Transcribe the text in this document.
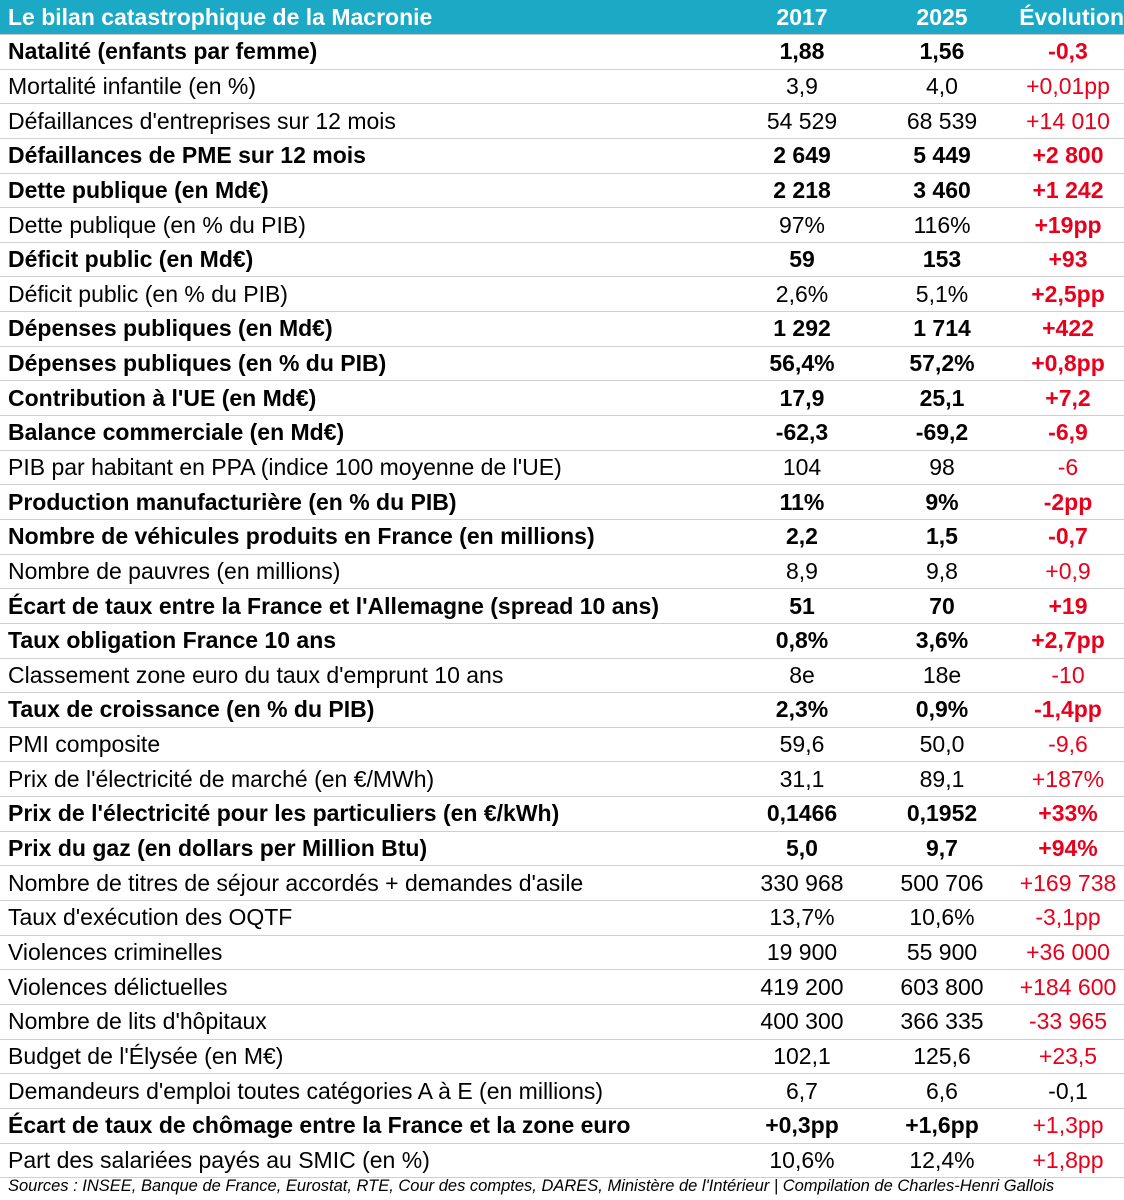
Le bilan catastrophique de la Macronie	2017	2025	Évolution
Natalité (enfants par femme)	1,88	1,56	-0,3
Mortalité infantile (en %)	3,9	4,0	+0,01pp
Défaillances d'entreprises sur 12 mois	54 529	68 539	+14 010
Défaillances de PME sur 12 mois	2 649	5 449	+2 800
Dette publique (en Md€)	2 218	3 460	+1 242
Dette publique (en % du PIB)	97%	116%	+19pp
Déficit public (en Md€)	59	153	+93
Déficit public (en % du PIB)	2,6%	5,1%	+2,5pp
Dépenses publiques (en Md€)	1 292	1 714	+422
Dépenses publiques (en % du PIB)	56,4%	57,2%	+0,8pp
Contribution à l'UE (en Md€)	17,9	25,1	+7,2
Balance commerciale (en Md€)	-62,3	-69,2	-6,9
PIB par habitant en PPA (indice 100 moyenne de l'UE)	104	98	-6
Production manufacturière (en % du PIB)	11%	9%	-2pp
Nombre de véhicules produits en France (en millions)	2,2	1,5	-0,7
Nombre de pauvres (en millions)	8,9	9,8	+0,9
Écart de taux entre la France et l'Allemagne (spread 10 ans)	51	70	+19
Taux obligation France 10 ans	0,8%	3,6%	+2,7pp
Classement zone euro du taux d'emprunt 10 ans	8e	18e	-10
Taux de croissance (en % du PIB)	2,3%	0,9%	-1,4pp
PMI composite	59,6	50,0	-9,6
Prix de l'électricité de marché (en €/MWh)	31,1	89,1	+187%
Prix de l'électricité pour les particuliers (en €/kWh)	0,1466	0,1952	+33%
Prix du gaz (en dollars per Million Btu)	5,0	9,7	+94%
Nombre de titres de séjour accordés + demandes d'asile	330 968	500 706	+169 738
Taux d'exécution des OQTF	13,7%	10,6%	-3,1pp
Violences criminelles	19 900	55 900	+36 000
Violences délictuelles	419 200	603 800	+184 600
Nombre de lits d'hôpitaux	400 300	366 335	-33 965
Budget de l'Élysée (en M€)	102,1	125,6	+23,5
Demandeurs d'emploi toutes catégories A à E (en millions)	6,7	6,6	-0,1
Écart de taux de chômage entre la France et la zone euro	+0,3pp	+1,6pp	+1,3pp
Part des salariées payés au SMIC (en %)	10,6%	12,4%	+1,8pp
Sources : INSEE, Banque de France, Eurostat, RTE, Cour des comptes, DARES, Ministère de l'Intérieur | Compilation de Charles-Henri Gallois
